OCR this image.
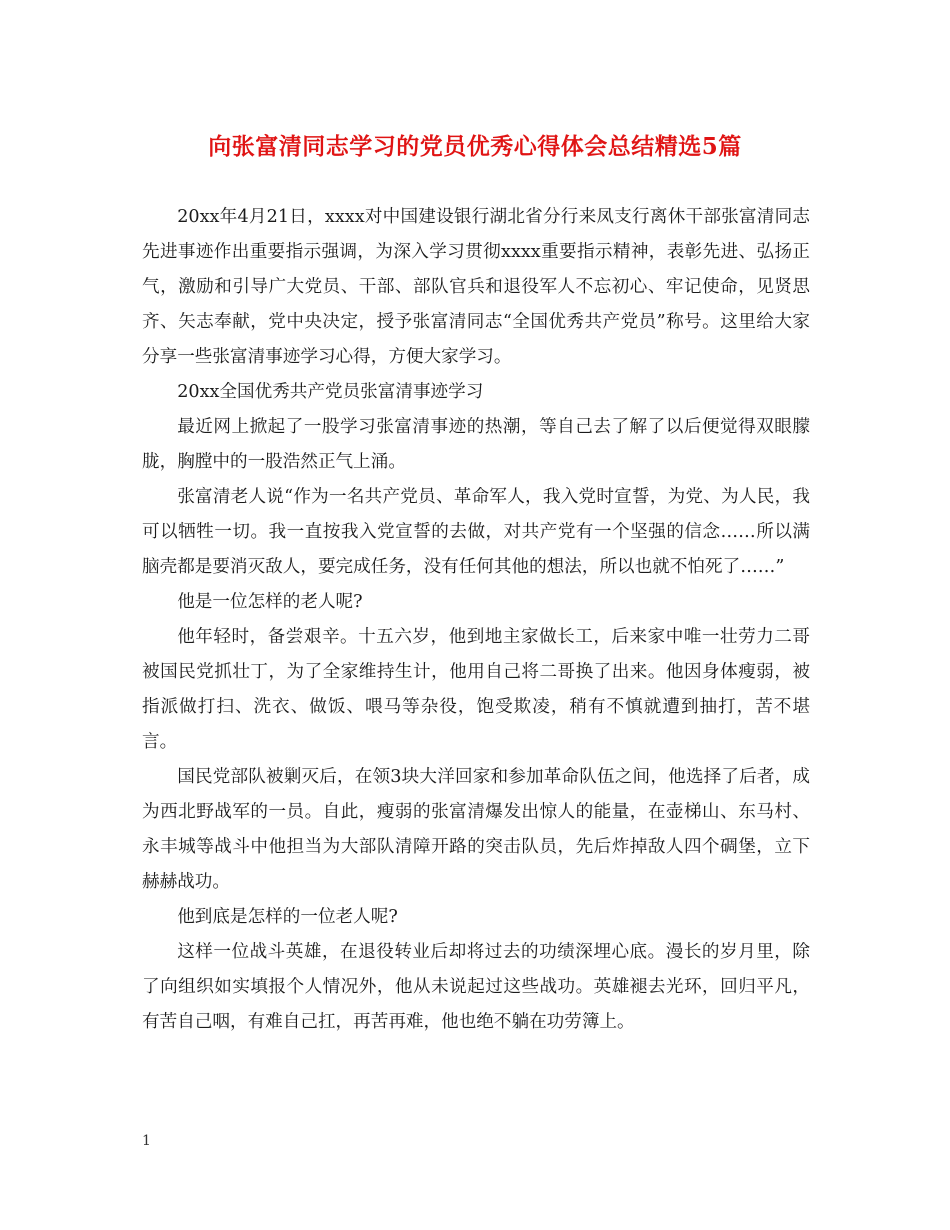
向张富清同志学习的党员优秀心得体会总结精选5篇

20xx年4月21日，xxxx对中国建设银行湖北省分行来凤支行离休干部张富清同志先进事迹作出重要指示强调，为深入学习贯彻xxxx重要指示精神，表彰先进、弘扬正气，激励和引导广大党员、干部、部队官兵和退役军人不忘初心、牢记使命，见贤思齐、矢志奉献，党中央决定，授予张富清同志“全国优秀共产党员”称号。这里给大家分享一些张富清事迹学习心得，方便大家学习。

20xx全国优秀共产党员张富清事迹学习

最近网上掀起了一股学习张富清事迹的热潮，等自己去了解了以后便觉得双眼朦胧，胸膛中的一股浩然正气上涌。

张富清老人说“作为一名共产党员、革命军人，我入党时宣誓，为党、为人民，我可以牺牲一切。我一直按我入党宣誓的去做，对共产党有一个坚强的信念……所以满脑壳都是要消灭敌人，要完成任务，没有任何其他的想法，所以也就不怕死了……”

他是一位怎样的老人呢?

他年轻时，备尝艰辛。十五六岁，他到地主家做长工，后来家中唯一壮劳力二哥被国民党抓壮丁，为了全家维持生计，他用自己将二哥换了出来。他因身体瘦弱，被指派做打扫、洗衣、做饭、喂马等杂役，饱受欺凌，稍有不慎就遭到抽打，苦不堪言。

国民党部队被剿灭后，在领3块大洋回家和参加革命队伍之间，他选择了后者，成为西北野战军的一员。自此，瘦弱的张富清爆发出惊人的能量，在壶梯山、东马村、永丰城等战斗中他担当为大部队清障开路的突击队员，先后炸掉敌人四个碉堡，立下赫赫战功。

他到底是怎样的一位老人呢?

这样一位战斗英雄，在退役转业后却将过去的功绩深埋心底。漫长的岁月里，除了向组织如实填报个人情况外，他从未说起过这些战功。英雄褪去光环，回归平凡，有苦自己咽，有难自己扛，再苦再难，他也绝不躺在功劳簿上。

1
